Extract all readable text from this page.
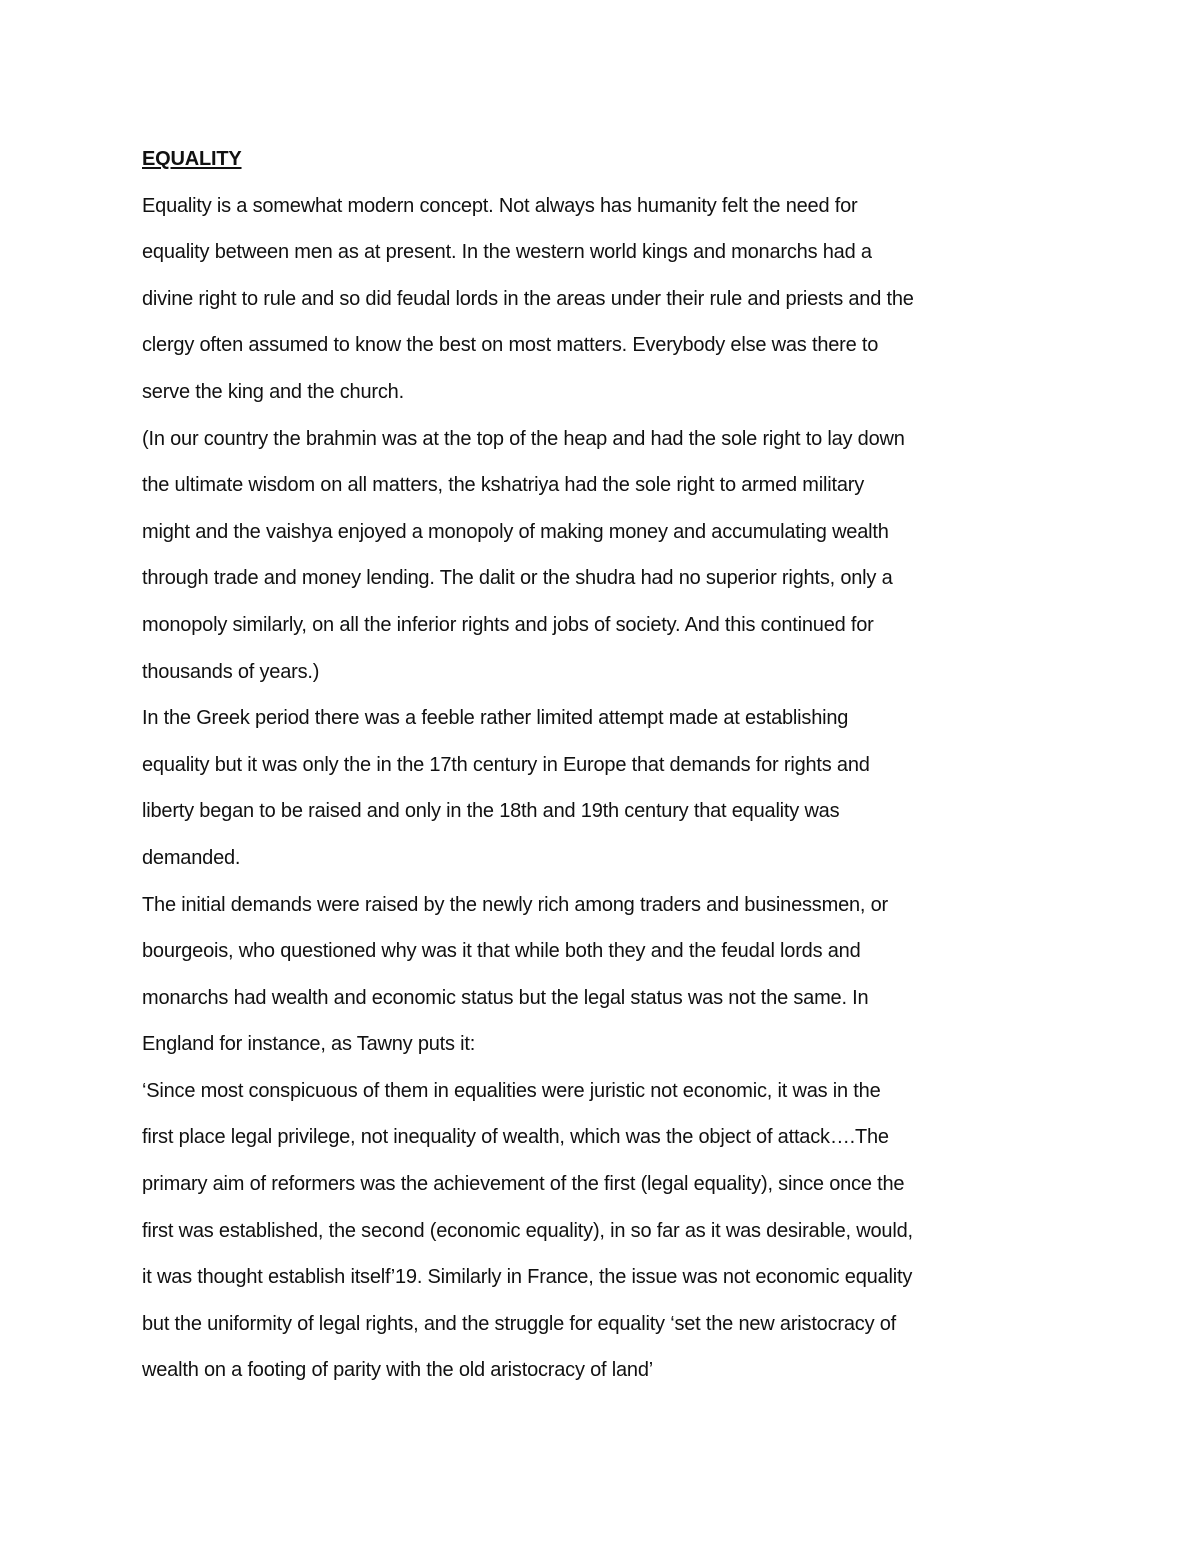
EQUALITY
Equality is a somewhat modern concept. Not always has humanity felt the need for
equality between men as at present. In the western world kings and monarchs had a
divine right to rule and so did feudal lords in the areas under their rule and priests and the
clergy often assumed to know the best on most matters. Everybody else was there to
serve the king and the church.
(In our country the brahmin was at the top of the heap and had the sole right to lay down
the ultimate wisdom on all matters, the kshatriya had the sole right to armed military
might and the vaishya enjoyed a monopoly of making money and accumulating wealth
through trade and money lending. The dalit or the shudra had no superior rights, only a
monopoly similarly, on all the inferior rights and jobs of society. And this continued for
thousands of years.)
In the Greek period there was a feeble rather limited attempt made at establishing
equality but it was only the in the 17th century in Europe that demands for rights and
liberty began to be raised and only in the 18th and 19th century that equality was
demanded.
The initial demands were raised by the newly rich among traders and businessmen, or
bourgeois, who questioned why was it that while both they and the feudal lords and
monarchs had wealth and economic status but the legal status was not the same. In
England for instance, as Tawny puts it:
‘Since most conspicuous of them in equalities were juristic not economic, it was in the
first place legal privilege, not inequality of wealth, which was the object of attack….The
primary aim of reformers was the achievement of the first (legal equality), since once the
first was established, the second (economic equality), in so far as it was desirable, would,
it was thought establish itself’19. Similarly in France, the issue was not economic equality
but the uniformity of legal rights, and the struggle for equality ‘set the new aristocracy of
wealth on a footing of parity with the old aristocracy of land’
